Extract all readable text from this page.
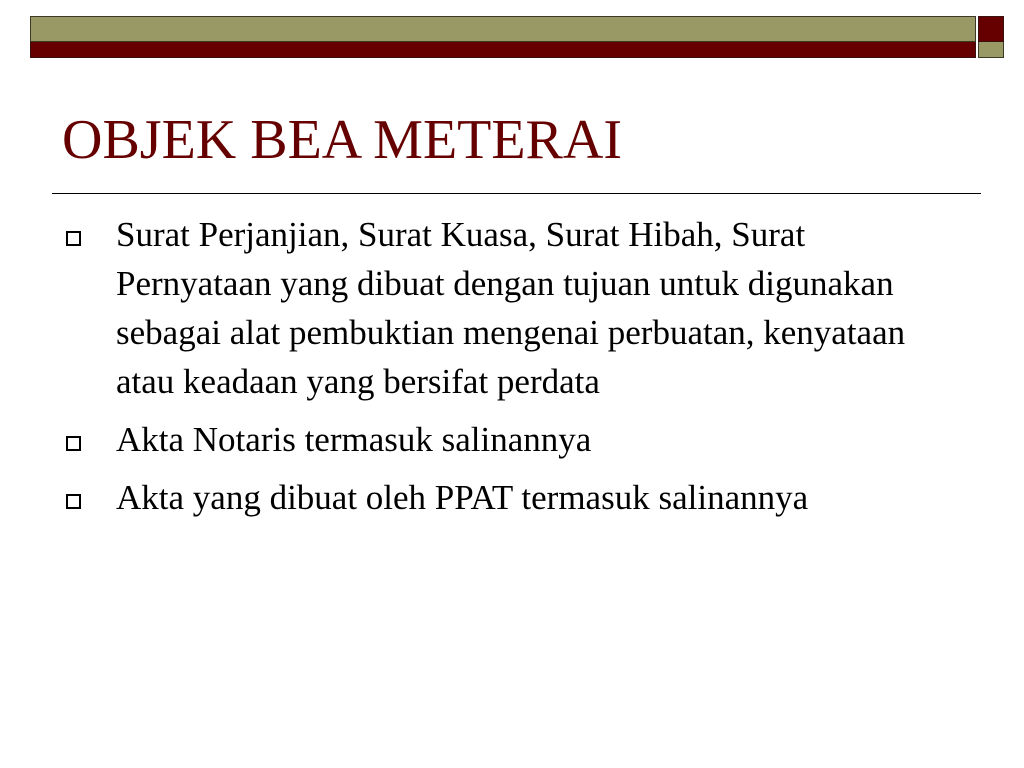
OBJEK BEA METERAI
Surat Perjanjian, Surat Kuasa, Surat Hibah, Surat Pernyataan yang dibuat dengan tujuan untuk digunakan sebagai alat pembuktian mengenai perbuatan, kenyataan atau keadaan yang bersifat perdata
Akta Notaris termasuk salinannya
Akta yang dibuat oleh PPAT termasuk salinannya
